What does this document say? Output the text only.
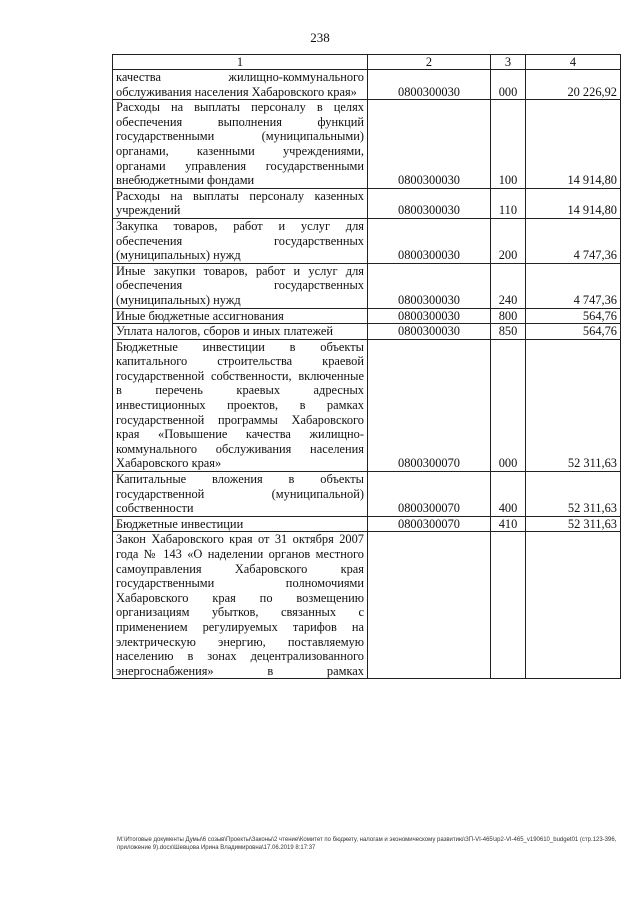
238
1	2	3	4
качества жилищно-коммунального обслуживания населения Хабаровского края»	0800300030	000	20 226,92
Расходы на выплаты персоналу в целях обеспечения выполнения функций государственными (муниципальными) органами, казенными учреждениями, органами управления государственными внебюджетными фондами	0800300030	100	14 914,80
Расходы на выплаты персоналу казенных учреждений	0800300030	110	14 914,80
Закупка товаров, работ и услуг для обеспечения государственных (муниципальных) нужд	0800300030	200	4 747,36
Иные закупки товаров, работ и услуг для обеспечения государственных (муниципальных) нужд	0800300030	240	4 747,36
Иные бюджетные ассигнования	0800300030	800	564,76
Уплата налогов, сборов и иных платежей	0800300030	850	564,76
Бюджетные инвестиции в объекты капитального строительства краевой государственной собственности, включенные в перечень краевых адресных инвестиционных проектов, в рамках государственной программы Хабаровского края «Повышение качества жилищно-коммунального обслуживания населения Хабаровского края»	0800300070	000	52 311,63
Капитальные вложения в объекты государственной (муниципальной) собственности	0800300070	400	52 311,63
Бюджетные инвестиции	0800300070	410	52 311,63
Закон Хабаровского края от 31 октября 2007 года № 143 «О наделении органов местного самоуправления Хабаровского края государственными полномочиями Хабаровского края по возмещению организациям убытков, связанных с применением регулируемых тарифов на электрическую энергию, поставляемую населению в зонах децентрализованного энергоснабжения» в рамках			
М:\Итоговые документы Думы\6 созыв\Проекты\Законы\2 чтение\Комитет по бюджету, налогам и экономическому развитию\ЗП-VI-465\зр2-VI-465_v190610_budget01 (стр.123-396, приложение 9).docx\Шевцова Ирина Владимировна\17.06.2019 8:17:37
